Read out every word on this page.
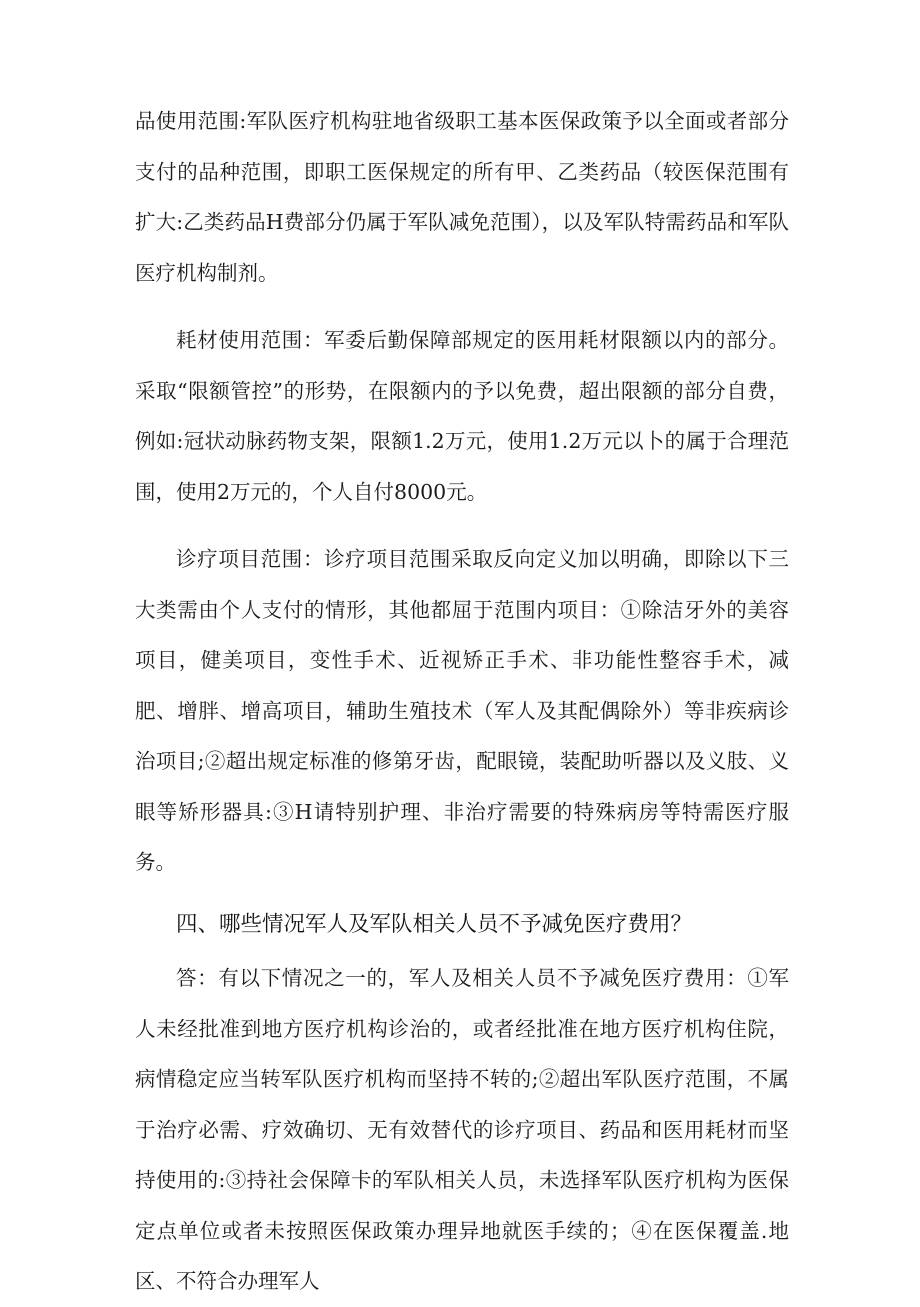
品使用范围:军队医疗机构驻地省级职工基本医保政策予以全面或者部分支付的品种范围，即职工医保规定的所有甲、乙类药品（较医保范围有扩大:乙类药品H费部分仍属于军队减免范围），以及军队特需药品和军队医疗机构制剂。

耗材使用范围：军委后勤保障部规定的医用耗材限额以内的部分。采取“限额管控”的形势，在限额内的予以免费，超出限额的部分自费，例如:冠状动脉药物支架，限额1.2万元，使用1.2万元以卜的属于合理范围，使用2万元的，个人自付8000元。

诊疗项目范围：诊疗项目范围采取反向定义加以明确，即除以下三大类需由个人支付的情形，其他都屈于范围内项目：①除洁牙外的美容项目，健美项目，变性手术、近视矫正手术、非功能性整容手术，减肥、增胖、增高项目，辅助生殖技术（军人及其配偶除外）等非疾病诊治项目;②超出规定标准的修第牙齿，配眼镜，装配助听器以及义肢、义眼等矫形器具:③H请特别护理、非治疗需要的特殊病房等特需医疗服务。

四、哪些情况军人及军队相关人员不予减免医疗费用？

答：有以下情况之一的，军人及相关人员不予减免医疗费用：①军人未经批准到地方医疗机构诊治的，或者经批准在地方医疗机构住院，病情稳定应当转军队医疗机构而坚持不转的;②超出军队医疗范围，不属于治疗必需、疗效确切、无有效替代的诊疗项目、药品和医用耗材而坚持使用的:③持社会保障卡的军队相关人员，未选择军队医疗机构为医保定点单位或者未按照医保政策办理异地就医手续的；④在医保覆盖.地区、不符合办理军人
